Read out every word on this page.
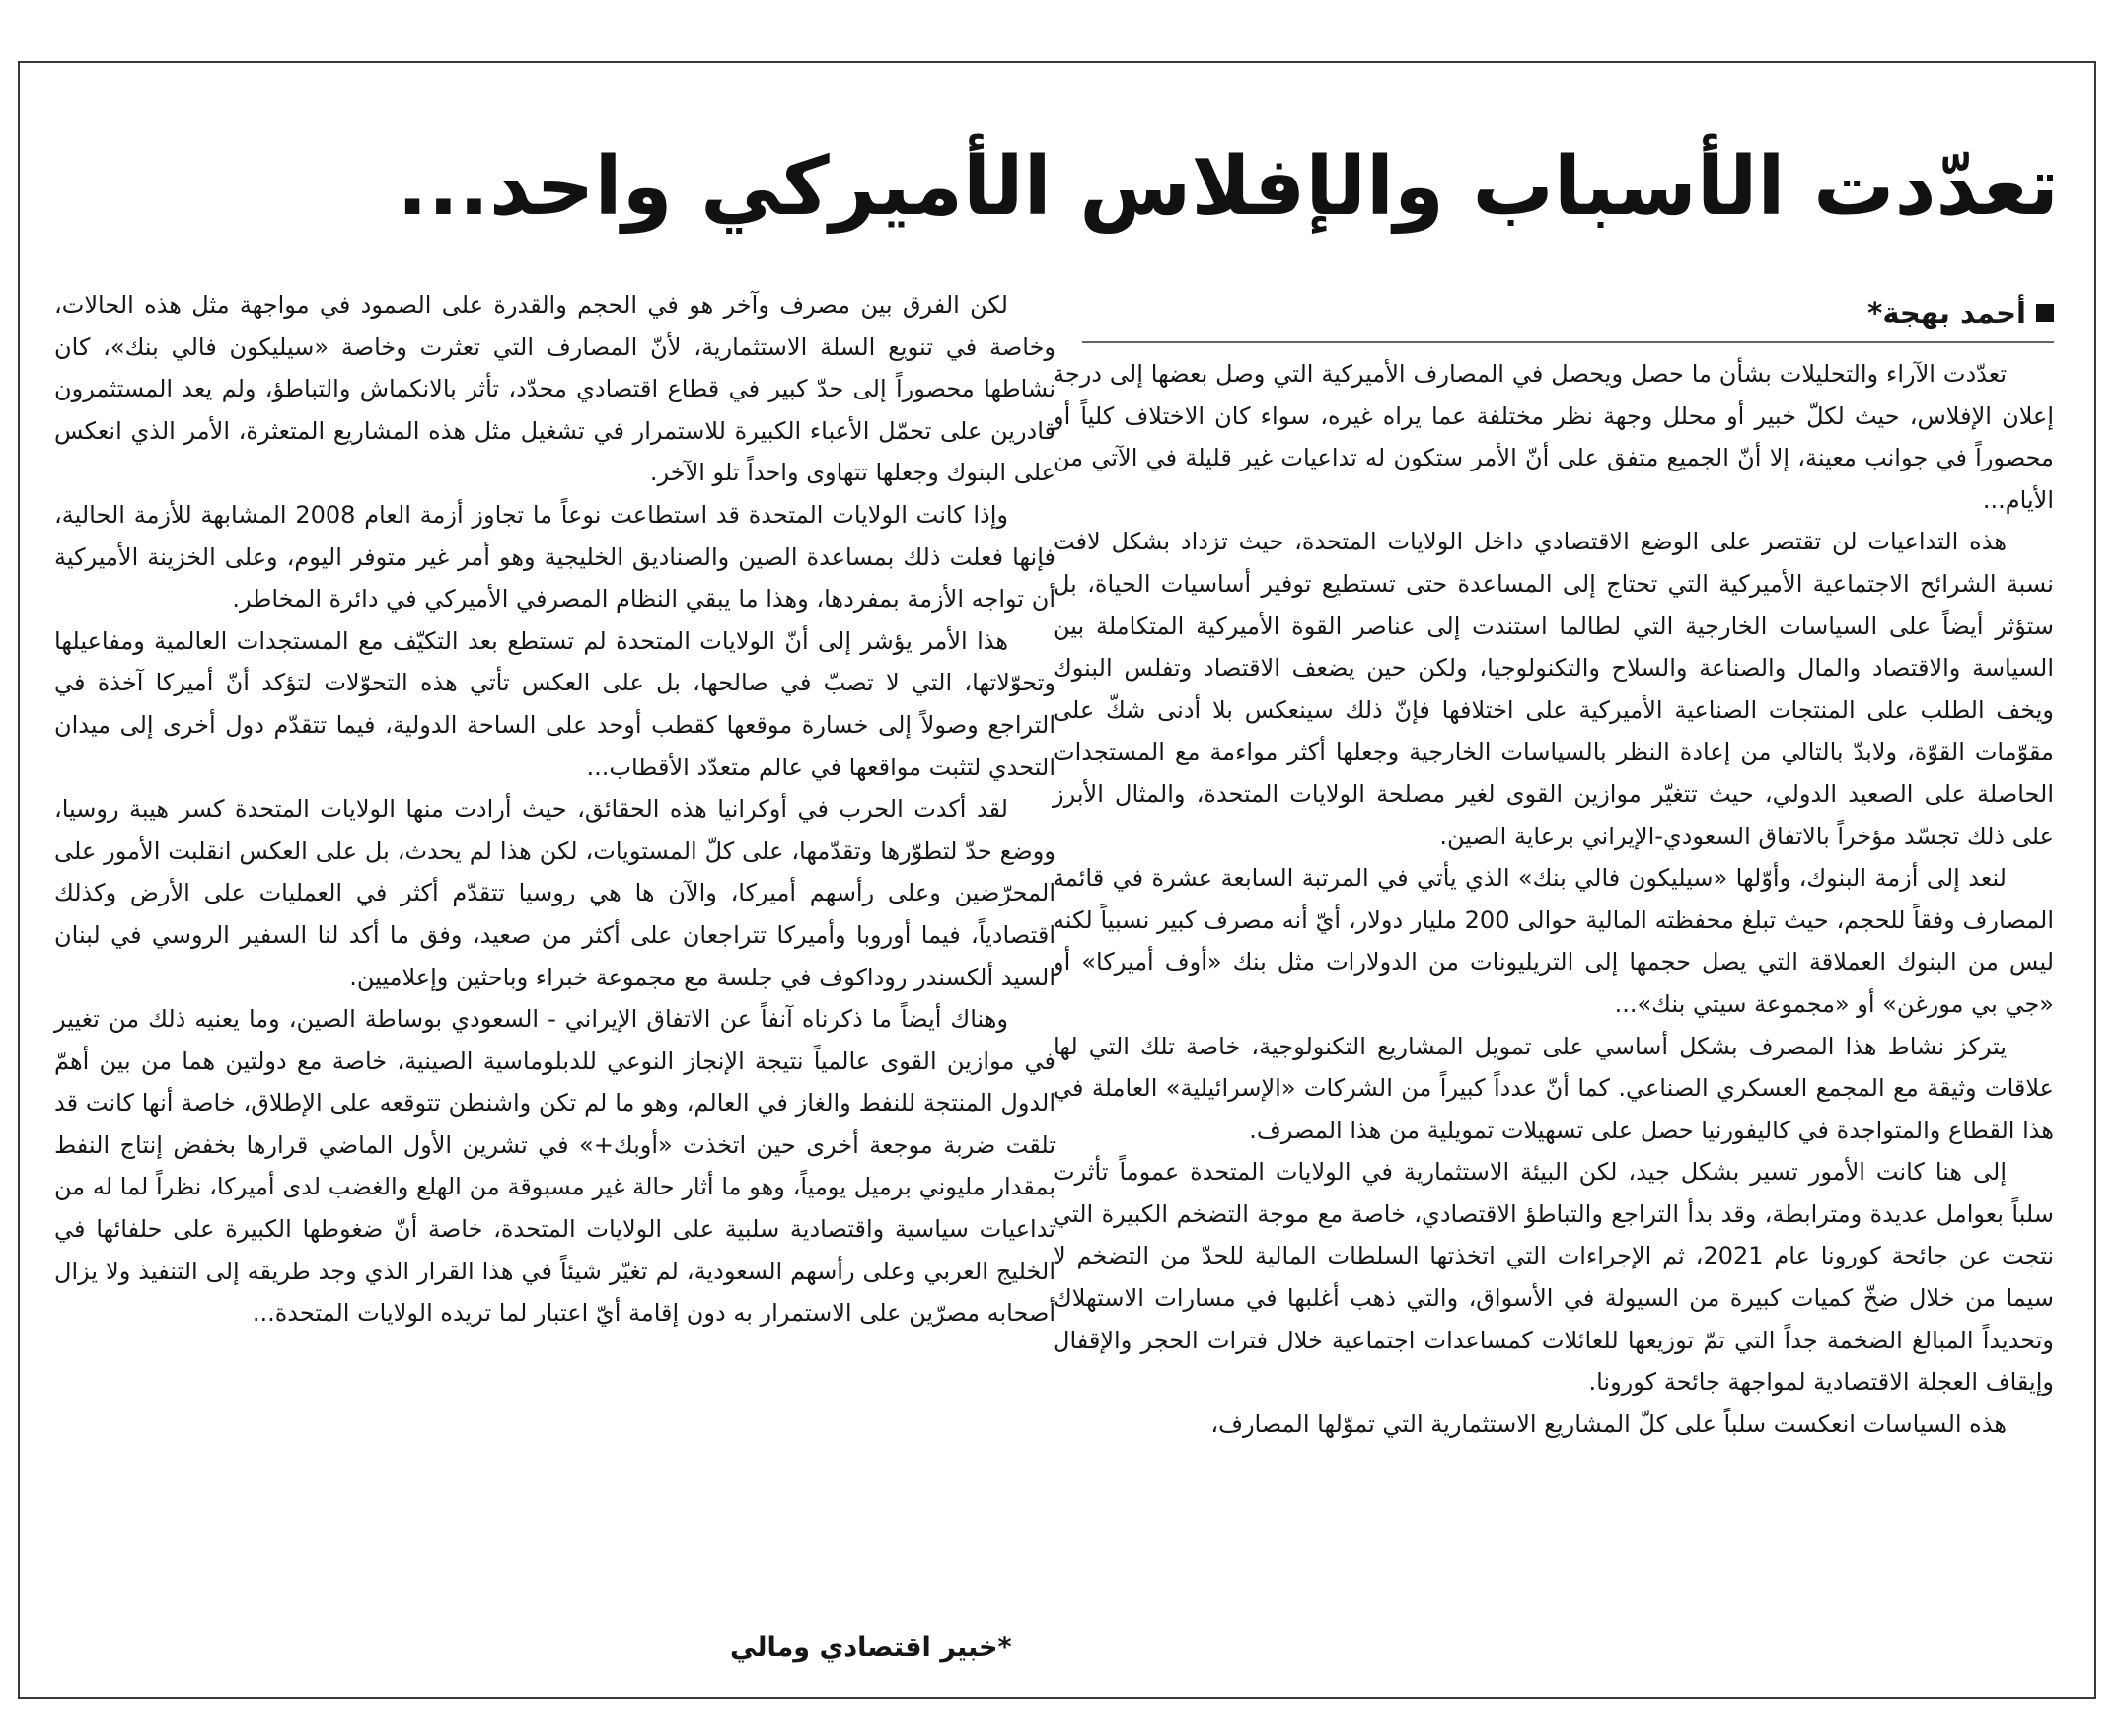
تعدّدت الأسباب والإفلاس الأميركي واحد...
أحمد بهجة*

تعدّدت الآراء والتحليلات بشأن ما حصل ويحصل في المصارف الأميركية التي وصل بعضها إلى درجة إعلان الإفلاس، حيث لكلّ خبير أو محلل وجهة نظر مختلفة عما يراه غيره، سواء كان الاختلاف كلياً أو محصوراً في جوانب معينة، إلا أنّ الجميع متفق على أنّ الأمر ستكون له تداعيات غير قليلة في الآتي من الأيام...

هذه التداعيات لن تقتصر على الوضع الاقتصادي داخل الولايات المتحدة، حيث تزداد بشكل لافت نسبة الشرائح الاجتماعية الأميركية التي تحتاج إلى المساعدة حتى تستطيع توفير أساسيات الحياة، بل ستؤثر أيضاً على السياسات الخارجية التي لطالما استندت إلى عناصر القوة الأميركية المتكاملة بين السياسة والاقتصاد والمال والصناعة والسلاح والتكنولوجيا، ولكن حين يضعف الاقتصاد وتفلس البنوك ويخف الطلب على المنتجات الصناعية الأميركية على اختلافها فإنّ ذلك سينعكس بلا أدنى شكّ على مقوّمات القوّة، ولابدّ بالتالي من إعادة النظر بالسياسات الخارجية وجعلها أكثر مواءمة مع المستجدات الحاصلة على الصعيد الدولي، حيث تتغيّر موازين القوى لغير مصلحة الولايات المتحدة، والمثال الأبرز على ذلك تجسّد مؤخراً بالاتفاق السعودي-الإيراني برعاية الصين.

لنعد إلى أزمة البنوك، وأوّلها «سيليكون فالي بنك» الذي يأتي في المرتبة السابعة عشرة في قائمة المصارف وفقاً للحجم، حيث تبلغ محفظته المالية حوالى 200 مليار دولار، أيّ أنه مصرف كبير نسبياً لكنه ليس من البنوك العملاقة التي يصل حجمها إلى التريليونات من الدولارات مثل بنك «أوف أميركا» أو «جي بي مورغن» أو «مجموعة سيتي بنك»...

يتركز نشاط هذا المصرف بشكل أساسي على تمويل المشاريع التكنولوجية، خاصة تلك التي لها علاقات وثيقة مع المجمع العسكري الصناعي. كما أنّ عدداً كبيراً من الشركات «الإسرائيلية» العاملة في هذا القطاع والمتواجدة في كاليفورنيا حصل على تسهيلات تمويلية من هذا المصرف.

إلى هنا كانت الأمور تسير بشكل جيد، لكن البيئة الاستثمارية في الولايات المتحدة عموماً تأثرت سلباً بعوامل عديدة ومترابطة، وقد بدأ التراجع والتباطؤ الاقتصادي، خاصة مع موجة التضخم الكبيرة التي نتجت عن جائحة كورونا عام 2021، ثم الإجراءات التي اتخذتها السلطات المالية للحدّ من التضخم لا سيما من خلال ضخّ كميات كبيرة من السيولة في الأسواق، والتي ذهب أغلبها في مسارات الاستهلاك وتحديداً المبالغ الضخمة جداً التي تمّ توزيعها للعائلات كمساعدات اجتماعية خلال فترات الحجر والإقفال وإيقاف العجلة الاقتصادية لمواجهة جائحة كورونا.

هذه السياسات انعكست سلباً على كلّ المشاريع الاستثمارية التي تموّلها المصارف،

لكن الفرق بين مصرف وآخر هو في الحجم والقدرة على الصمود في مواجهة مثل هذه الحالات، وخاصة في تنويع السلة الاستثمارية، لأنّ المصارف التي تعثرت وخاصة «سيليكون فالي بنك»، كان نشاطها محصوراً إلى حدّ كبير في قطاع اقتصادي محدّد، تأثر بالانكماش والتباطؤ، ولم يعد المستثمرون قادرين على تحمّل الأعباء الكبيرة للاستمرار في تشغيل مثل هذه المشاريع المتعثرة، الأمر الذي انعكس على البنوك وجعلها تتهاوى واحداً تلو الآخر.

وإذا كانت الولايات المتحدة قد استطاعت نوعاً ما تجاوز أزمة العام 2008 المشابهة للأزمة الحالية، فإنها فعلت ذلك بمساعدة الصين والصناديق الخليجية وهو أمر غير متوفر اليوم، وعلى الخزينة الأميركية أن تواجه الأزمة بمفردها، وهذا ما يبقي النظام المصرفي الأميركي في دائرة المخاطر.

هذا الأمر يؤشر إلى أنّ الولايات المتحدة لم تستطع بعد التكيّف مع المستجدات العالمية ومفاعيلها وتحوّلاتها، التي لا تصبّ في صالحها، بل على العكس تأتي هذه التحوّلات لتؤكد أنّ أميركا آخذة في التراجع وصولاً إلى خسارة موقعها كقطب أوحد على الساحة الدولية، فيما تتقدّم دول أخرى إلى ميدان التحدي لتثبت مواقعها في عالم متعدّد الأقطاب...

لقد أكدت الحرب في أوكرانيا هذه الحقائق، حيث أرادت منها الولايات المتحدة كسر هيبة روسيا، ووضع حدّ لتطوّرها وتقدّمها، على كلّ المستويات، لكن هذا لم يحدث، بل على العكس انقلبت الأمور على المحرّضين وعلى رأسهم أميركا، والآن ها هي روسيا تتقدّم أكثر في العمليات على الأرض وكذلك اقتصادياً، فيما أوروبا وأميركا تتراجعان على أكثر من صعيد، وفق ما أكد لنا السفير الروسي في لبنان السيد ألكسندر روداكوف في جلسة مع مجموعة خبراء وباحثين وإعلاميين.

وهناك أيضاً ما ذكرناه آنفاً عن الاتفاق الإيراني - السعودي بوساطة الصين، وما يعنيه ذلك من تغيير في موازين القوى عالمياً نتيجة الإنجاز النوعي للدبلوماسية الصينية، خاصة مع دولتين هما من بين أهمّ الدول المنتجة للنفط والغاز في العالم، وهو ما لم تكن واشنطن تتوقعه على الإطلاق، خاصة أنها كانت قد تلقت ضربة موجعة أخرى حين اتخذت «أوبك+» في تشرين الأول الماضي قرارها بخفض إنتاج النفط بمقدار مليوني برميل يومياً، وهو ما أثار حالة غير مسبوقة من الهلع والغضب لدى أميركا، نظراً لما له من تداعيات سياسية واقتصادية سلبية على الولايات المتحدة، خاصة أنّ ضغوطها الكبيرة على حلفائها في الخليج العربي وعلى رأسهم السعودية، لم تغيّر شيئاً في هذا القرار الذي وجد طريقه إلى التنفيذ ولا يزال أصحابه مصرّين على الاستمرار به دون إقامة أيّ اعتبار لما تريده الولايات المتحدة...

*خبير اقتصادي ومالي
